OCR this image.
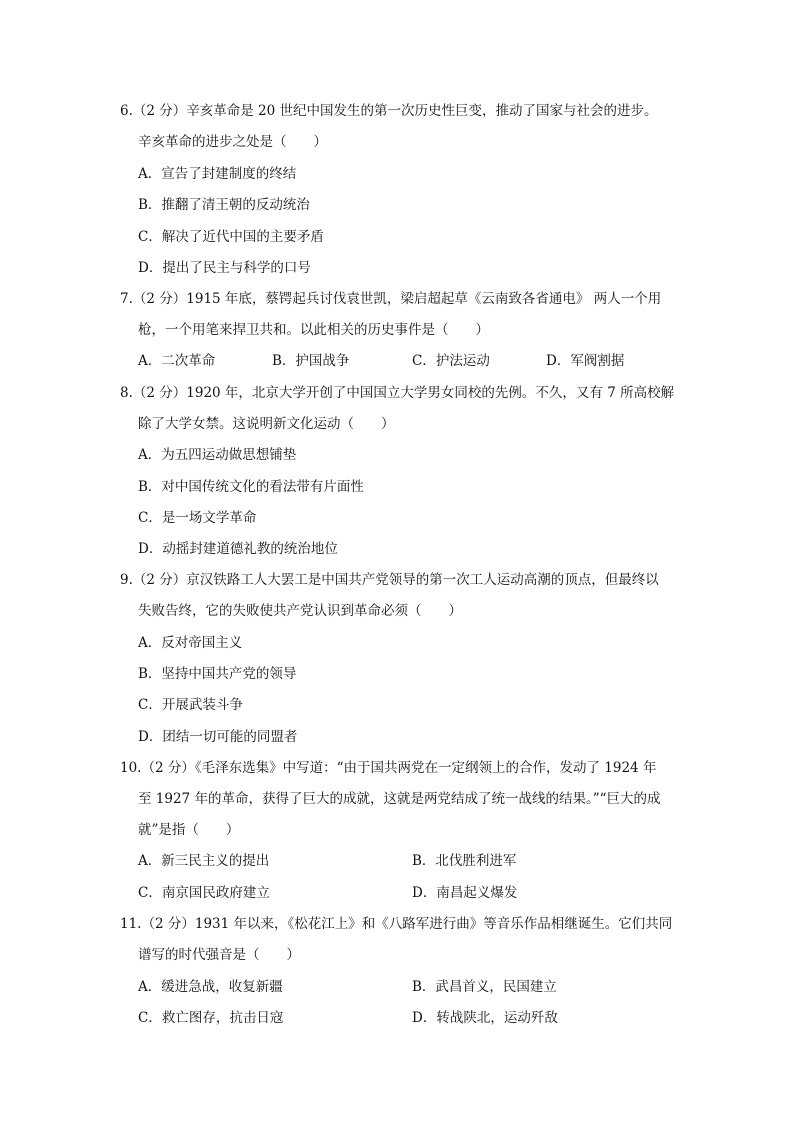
6.（2 分）辛亥革命是 20 世纪中国发生的第一次历史性巨变，推动了国家与社会的进步。
辛亥革命的进步之处是（　　）
A．宣告了封建制度的终结
B．推翻了清王朝的反动统治
C．解决了近代中国的主要矛盾
D．提出了民主与科学的口号
7.（2 分）1915 年底，蔡锷起兵讨伐袁世凯，梁启超起草《云南致各省通电》 两人一个用
枪，一个用笔来捍卫共和。以此相关的历史事件是（　　）
A．二次革命	B．护国战争	C．护法运动	D．军阀割据
8.（2 分）1920 年，北京大学开创了中国国立大学男女同校的先例。不久，又有 7 所高校解
除了大学女禁。这说明新文化运动（　　）
A．为五四运动做思想铺垫
B．对中国传统文化的看法带有片面性
C．是一场文学革命
D．动摇封建道德礼教的统治地位
9.（2 分）京汉铁路工人大罢工是中国共产党领导的第一次工人运动高潮的顶点，但最终以
失败告终，它的失败使共产党认识到革命必须（　　）
A．反对帝国主义
B．坚持中国共产党的领导
C．开展武装斗争
D．团结一切可能的同盟者
10.（2 分）《毛泽东选集》中写道：“由于国共两党在一定纲领上的合作，发动了 1924 年
至 1927 年的革命，获得了巨大的成就，这就是两党结成了统一战线的结果。”“巨大的成
就”是指（　　）
A．新三民主义的提出	B．北伐胜利进军
C．南京国民政府建立	D．南昌起义爆发
11.（2 分）1931 年以来，《松花江上》和《八路军进行曲》等音乐作品相继诞生。它们共同
谱写的时代强音是（　　）
A．缓进急战，收复新疆	B．武昌首义，民国建立
C．救亡图存，抗击日寇	D．转战陕北，运动歼敌
